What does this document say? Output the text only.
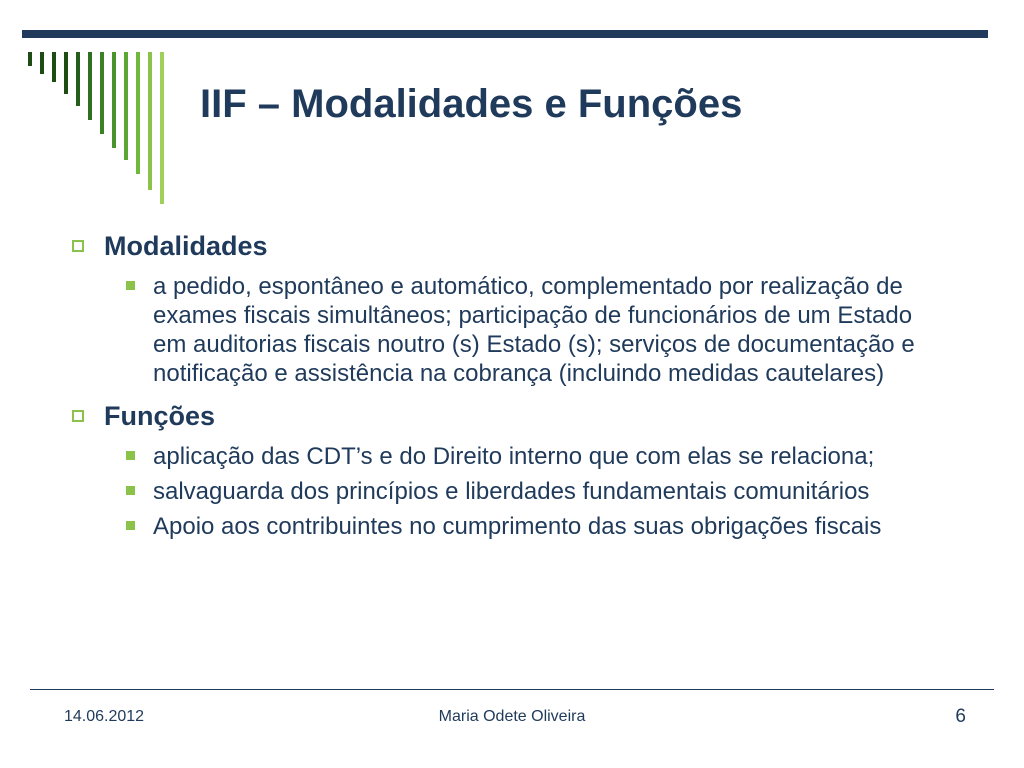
IIF – Modalidades e Funções
Modalidades
a pedido, espontâneo e automático, complementado por realização de exames fiscais simultâneos; participação de funcionários de um Estado em auditorias fiscais noutro (s) Estado (s); serviços de documentação e notificação e assistência na cobrança (incluindo medidas cautelares)
Funções
aplicação das CDT’s e do Direito interno que com elas se relaciona;
salvaguarda dos princípios e liberdades fundamentais comunitários
Apoio aos contribuintes no cumprimento das suas obrigações fiscais
14.06.2012	Maria Odete Oliveira	6
